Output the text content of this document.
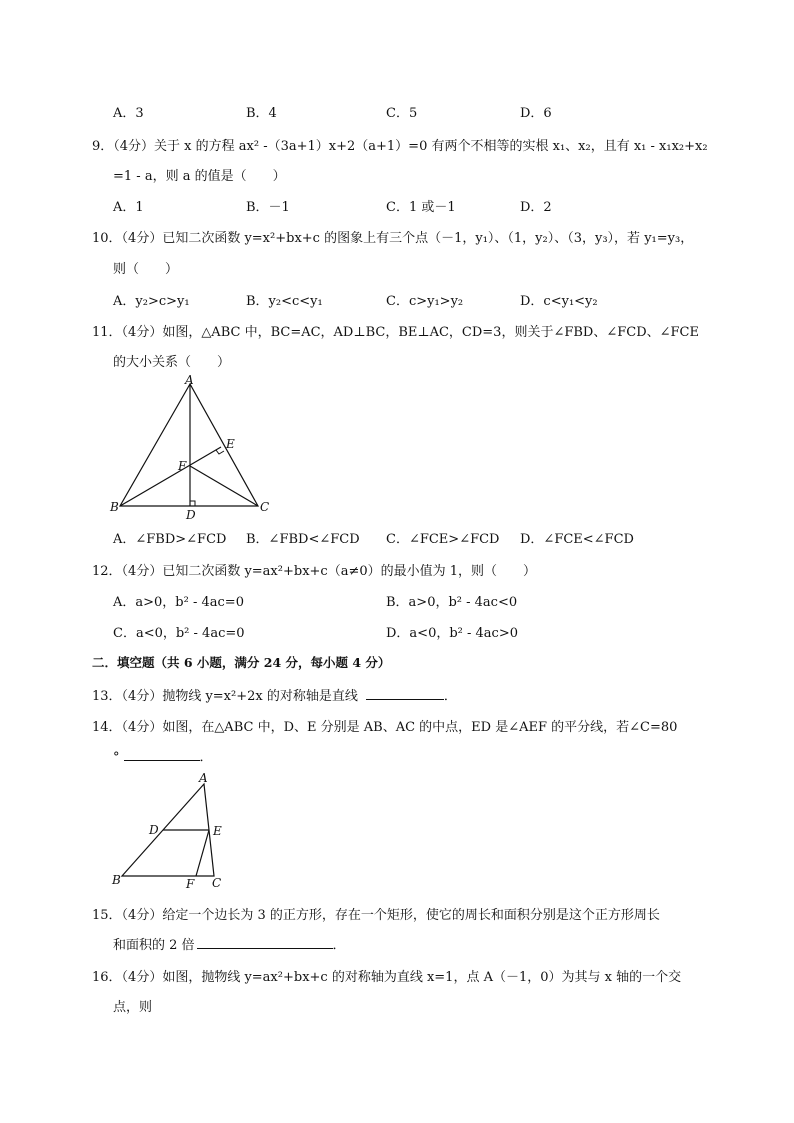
A．3	B．4	C．5	D．6
9．（4分）关于 x 的方程 ax² -（3a+1）x+2（a+1）=0 有两个不相等的实根 x₁、x₂，且有 x₁ - x₁x₂+x₂
=1 - a，则 a 的值是（　　）
A．1	B．－1	C．1 或－1	D．2
10．（4分）已知二次函数 y=x²+bx+c 的图象上有三个点（－1，y₁）、（1，y₂）、（3，y₃），若 y₁=y₃，
则（　　）
A．y₂>c>y₁	B．y₂<c<y₁	C．c>y₁>y₂	D．c<y₁<y₂
11．（4分）如图，△ABC 中，BC=AC，AD⊥BC，BE⊥AC，CD=3，则关于∠FBD、∠FCD、∠FCE
的大小关系（　　）
A
B	C
D
E
F
A．∠FBD>∠FCD B．∠FBD<∠FCD C．∠FCE>∠FCD D．∠FCE<∠FCD
12．（4分）已知二次函数 y=ax²+bx+c（a≠0）的最小值为 1，则（　　）
A．a>0，b² - 4ac=0	B．a>0，b² - 4ac<0
C．a<0，b² - 4ac=0	D．a<0，b² - 4ac>0
二．填空题（共 6 小题，满分 24 分，每小题 4 分）
13．（4分）抛物线 y=x²+2x 的对称轴是直线	．
14．（4分）如图，在△ABC 中，D、E 分别是 AB、AC 的中点，ED 是∠AEF 的平分线，若∠C=80
°	．
A
B	C
D	E
F
15．（4分）给定一个边长为 3 的正方形，存在一个矩形，使它的周长和面积分别是这个正方形周长
和面积的 2 倍	．
16．（4分）如图，抛物线 y=ax²+bx+c 的对称轴为直线 x=1，点 A（－1，0）为其与 x 轴的一个交
点，则
